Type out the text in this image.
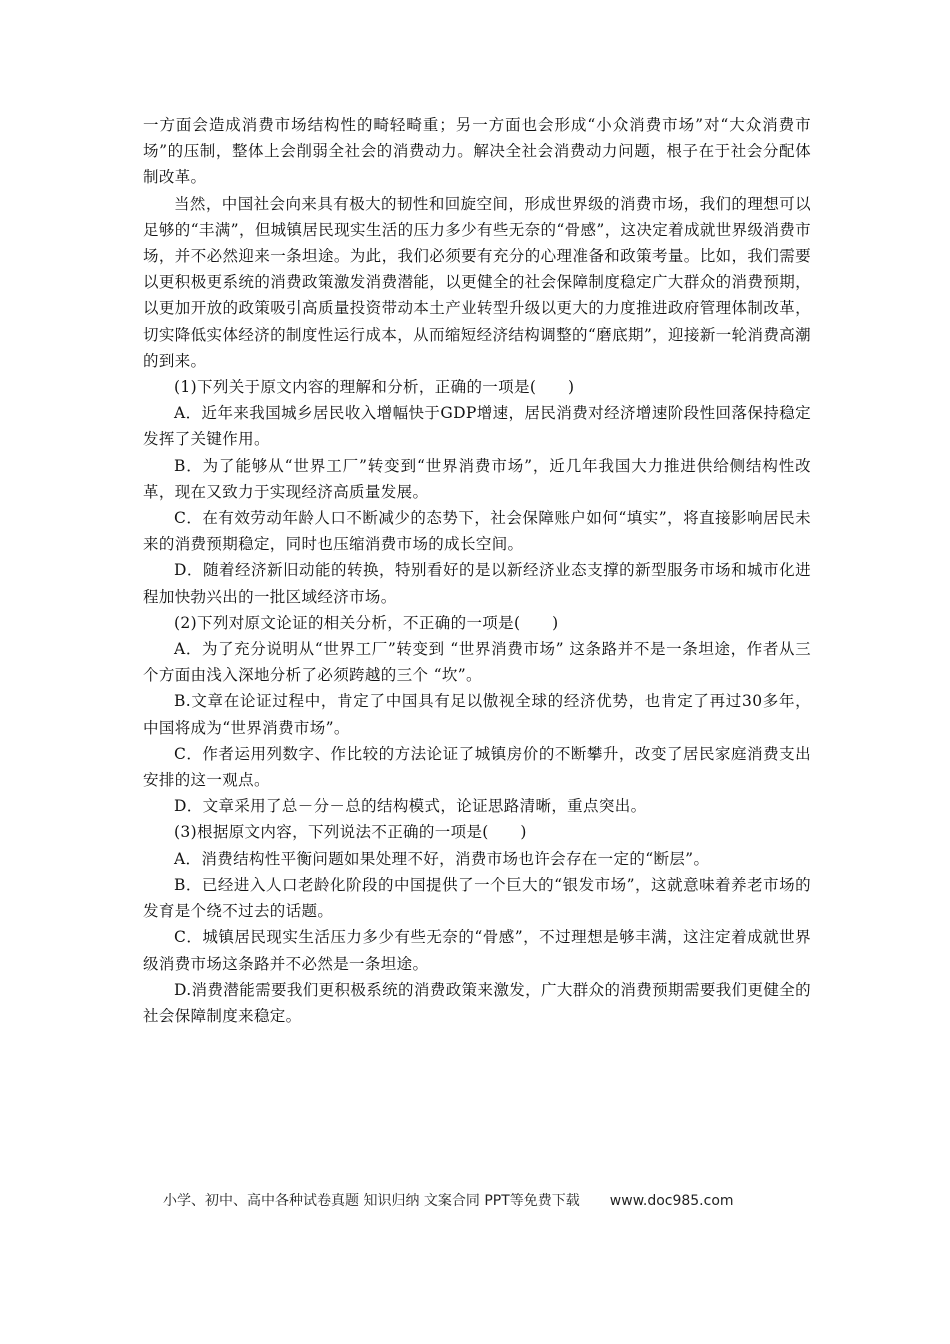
一方面会造成消费市场结构性的畸轻畸重；另一方面也会形成“小众消费市场”对“大众消费市场”的压制，整体上会削弱全社会的消费动力。解决全社会消费动力问题，根子在于社会分配体制改革。

当然，中国社会向来具有极大的韧性和回旋空间，形成世界级的消费市场，我们的理想可以足够的“丰满”，但城镇居民现实生活的压力多少有些无奈的“骨感”，这决定着成就世界级消费市场，并不必然迎来一条坦途。为此，我们必须要有充分的心理准备和政策考量。比如，我们需要以更积极更系统的消费政策激发消费潜能，以更健全的社会保障制度稳定广大群众的消费预期，以更加开放的政策吸引高质量投资带动本土产业转型升级以更大的力度推进政府管理体制改革，切实降低实体经济的制度性运行成本，从而缩短经济结构调整的“磨底期”，迎接新一轮消费高潮的到来。

(1)下列关于原文内容的理解和分析，正确的一项是(　　)

A．近年来我国城乡居民收入增幅快于GDP增速，居民消费对经济增速阶段性回落保持稳定发挥了关键作用。

B．为了能够从“世界工厂”转变到“世界消费市场”，近几年我国大力推进供给侧结构性改革，现在又致力于实现经济高质量发展。

C．在有效劳动年龄人口不断减少的态势下，社会保障账户如何“填实”，将直接影响居民未来的消费预期稳定，同时也压缩消费市场的成长空间。

D．随着经济新旧动能的转换，特别看好的是以新经济业态支撑的新型服务市场和城市化进程加快勃兴出的一批区域经济市场。

(2)下列对原文论证的相关分析，不正确的一项是(　　)

A．为了充分说明从“世界工厂”转变到 “世界消费市场” 这条路并不是一条坦途，作者从三个方面由浅入深地分析了必须跨越的三个 “坎”。

B.文章在论证过程中，肯定了中国具有足以傲视全球的经济优势，也肯定了再过30多年，中国将成为“世界消费市场”。

C．作者运用列数字、作比较的方法论证了城镇房价的不断攀升，改变了居民家庭消费支出安排的这一观点。

D．文章采用了总－分－总的结构模式，论证思路清晰，重点突出。

(3)根据原文内容，下列说法不正确的一项是(　　)

A．消费结构性平衡问题如果处理不好，消费市场也许会存在一定的“断层”。

B．已经进入人口老龄化阶段的中国提供了一个巨大的“银发市场”，这就意味着养老市场的发育是个绕不过去的话题。

C．城镇居民现实生活压力多少有些无奈的“骨感”，不过理想是够丰满，这注定着成就世界级消费市场这条路并不必然是一条坦途。

D.消费潜能需要我们更积极系统的消费政策来激发，广大群众的消费预期需要我们更健全的社会保障制度来稳定。

小学、初中、高中各种试卷真题 知识归纳 文案合同 PPT等免费下载 www.doc985.com
